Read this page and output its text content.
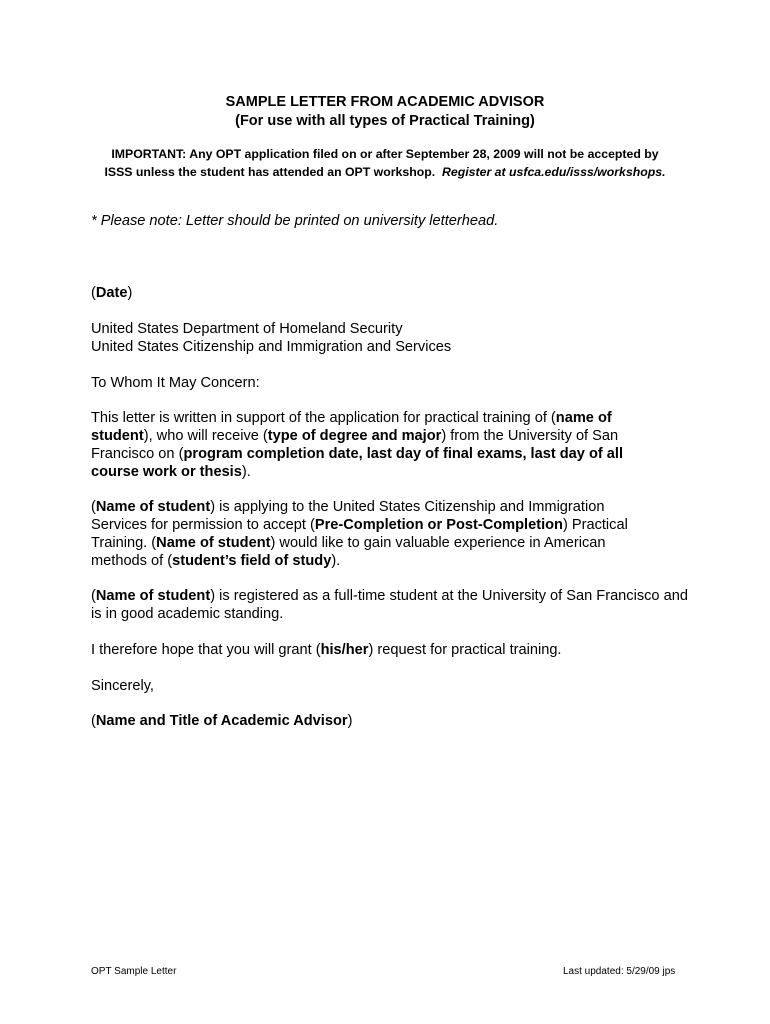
SAMPLE LETTER FROM ACADEMIC ADVISOR
(For use with all types of Practical Training)
IMPORTANT: Any OPT application filed on or after September 28, 2009 will not be accepted by
ISSS unless the student has attended an OPT workshop. Register at usfca.edu/isss/workshops.
* Please note: Letter should be printed on university letterhead.

(Date)

United States Department of Homeland Security
United States Citizenship and Immigration and Services

To Whom It May Concern:

This letter is written in support of the application for practical training of (name of student), who will receive (type of degree and major) from the University of San Francisco on (program completion date, last day of final exams, last day of all course work or thesis).

(Name of student) is applying to the United States Citizenship and Immigration Services for permission to accept (Pre-Completion or Post-Completion) Practical Training. (Name of student) would like to gain valuable experience in American methods of (student’s field of study).

(Name of student) is registered as a full-time student at the University of San Francisco and is in good academic standing.

I therefore hope that you will grant (his/her) request for practical training.

Sincerely,

(Name and Title of Academic Advisor)

OPT Sample Letter	Last updated: 5/29/09 jps
